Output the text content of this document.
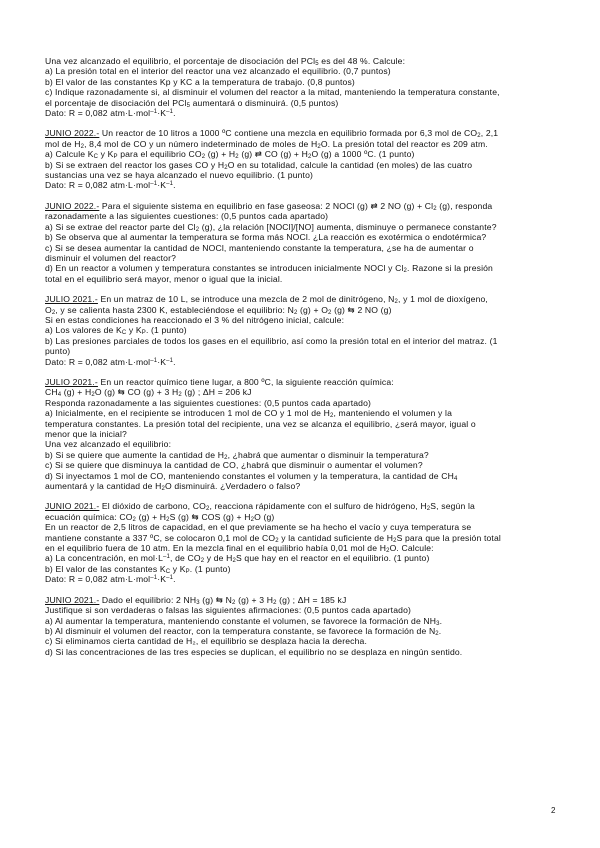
Una vez alcanzado el equilibrio, el porcentaje de disociación del PCl$_5$ es del 48 %. Calcule:

a) La presión total en el interior del reactor una vez alcanzado el equilibrio. (0,7 puntos)

b) El valor de las constantes Kp y KC a la temperatura de trabajo. (0,8 puntos)

c) Indique razonadamente si, al disminuir el volumen del reactor a la mitad, manteniendo la temperatura constante,

el porcentaje de disociación del PCl$_5$ aumentará o disminuirá. (0,5 puntos)

Dato: R = 0,082 $atm\cdot L\cdot mol^{-1}\cdot K^{-1}$.

JUNIO 2022.- Un reactor de 10 litros a 1000 ºC contiene una mezcla en equilibrio formada por 6,3 mol de $CO_2$, 2,1

mol de $H_2$, 8,4 mol de CO y un número indeterminado de moles de $H_2O$. La presión total del reactor es 209 atm.

a) Calcule $K_C$ y $K_P$ para el equilibrio $CO_2$ $(g) + H_2$ (g) ⇄ CO $(g) + H_2O$ (g) a 1000 ºC. (1 punto)

b) Si se extraen del reactor los gases CO y $H_2O$ en su totalidad, calcule la cantidad (en moles) de las cuatro

sustancias una vez se haya alcanzado el nuevo equilibrio. (1 punto)

Dato: R = 0,082 $atm\cdot L\cdot mol^{-1}\cdot K^{-1}$.

JUNIO 2022.- Para el siguiente sistema en equilibrio en fase gaseosa: 2 NOCl (g) ⇄ 2 NO $(g) + Cl_2$ (g), responda

razonadamente a las siguientes cuestiones: (0,5 puntos cada apartado)

a) Si se extrae del reactor parte del $Cl_2$ (g), ¿la relación [NOCl]/[NO] aumenta, disminuye o permanece constante?

b) Se observa que al aumentar la temperatura se forma más NOCl. ¿La reacción es exotérmica o endotérmica?

c) Si se desea aumentar la cantidad de NOCl, manteniendo constante la temperatura, ¿se ha de aumentar o

disminuir el volumen del reactor?

d) En un reactor a volumen y temperatura constantes se introducen inicialmente NOCl y $Cl_2$. Razone si la presión

total en el equilibrio será mayor, menor o igual que la inicial.

JULIO 2021.- En un matraz de 10 L, se introduce una mezcla de 2 mol de dinitrógeno, $N_2$, y 1 mol de dioxígeno,

$O_2$, y se calienta hasta 2300 K, estableciéndose el equilibrio: $N_2$ $(g) + O_2$ (g) ⇆ 2 NO (g)

Si en estas condiciones ha reaccionado el 3 % del nitrógeno inicial, calcule:

a) Los valores de $K_C$ y $K_P$. (1 punto)

b) Las presiones parciales de todos los gases en el equilibrio, así como la presión total en el interior del matraz. (1

punto)

Dato: R = 0,082 $atm\cdot L\cdot mol^{-1}\cdot K^{-1}$.

JULIO 2021.- En un reactor químico tiene lugar, a 800 ºC, la siguiente reacción química:

$CH_4$ $(g) + H_2O$ (g) ⇆ CO (g) + 3 $H_2$ (g) ; ΔH = 206 kJ

Responda razonadamente a las siguientes cuestiones: (0,5 puntos cada apartado)

a) Inicialmente, en el recipiente se introducen 1 mol de CO y 1 mol de $H_2$, manteniendo el volumen y la

temperatura constantes. La presión total del recipiente, una vez se alcanza el equilibrio, ¿será mayor, igual o

menor que la inicial?

Una vez alcanzado el equilibrio:

b) Si se quiere que aumente la cantidad de $H_2$, ¿habrá que aumentar o disminuir la temperatura?

c) Si se quiere que disminuya la cantidad de CO, ¿habrá que disminuir o aumentar el volumen?

d) Si inyectamos 1 mol de CO, manteniendo constantes el volumen y la temperatura, la cantidad de $CH_4$

aumentará y la cantidad de $H_2O$ disminuirá. ¿Verdadero o falso?

JUNIO 2021.- El dióxido de carbono, $CO_2$, reacciona rápidamente con el sulfuro de hidrógeno, $H_2S$, según la

ecuación química: $CO_2$ $(g) + H_2S$ (g) ⇆ COS $(g) + H_2O$ (g)

En un reactor de 2,5 litros de capacidad, en el que previamente se ha hecho el vacío y cuya temperatura se

mantiene constante a 337 ºC, se colocaron 0,1 mol de $CO_2$ y la cantidad suficiente de $H_2S$ para que la presión total

en el equilibrio fuera de 10 atm. En la mezcla final en el equilibrio había 0,01 mol de $H_2O$. Calcule:

a) La concentración, en $mol\cdot L^{-1}$, de $CO_2$ y de $H_2S$ que hay en el reactor en el equilibrio. (1 punto)

b) El valor de las constantes $K_C$ y $K_P$. (1 punto)

Dato: R = 0,082 $atm\cdot L\cdot mol^{-1}\cdot K^{-1}$.

JUNIO 2021.- Dado el equilibrio: 2 $NH_3$ (g) ⇆ $N_2$ (g) + 3 $H_2$ (g) ; ΔH = 185 kJ

Justifique si son verdaderas o falsas las siguientes afirmaciones: (0,5 puntos cada apartado)

a) Al aumentar la temperatura, manteniendo constante el volumen, se favorece la formación de $NH_3$.

b) Al disminuir el volumen del reactor, con la temperatura constante, se favorece la formación de $N_2$.

c) Si eliminamos cierta cantidad de H₂, el equilibrio se desplaza hacia la derecha.

d) Si las concentraciones de las tres especies se duplican, el equilibrio no se desplaza en ningún sentido.

2
